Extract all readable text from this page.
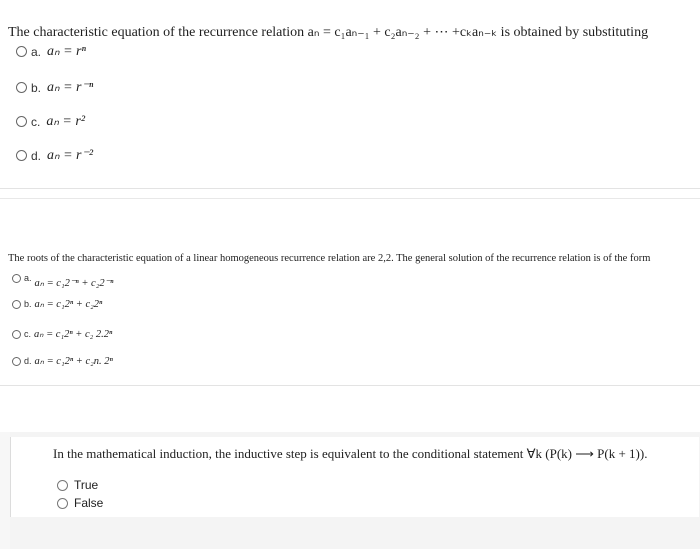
The characteristic equation of the recurrence relation aₙ = c₁aₙ₋₁ + c₂aₙ₋₂ + ⋯ +cₖaₙ₋ₖ is obtained by substituting
a. aₙ = rⁿ
b. aₙ = r⁻ⁿ
c. aₙ = r²
d. aₙ = r⁻²
The roots of the characteristic equation of a linear homogeneous recurrence relation are 2,2. The general solution of the recurrence relation is of the form
a. aₙ = c₁2⁻ⁿ + c₂2⁻ⁿ
b. aₙ = c₁2ⁿ + c₂2ⁿ
c. aₙ = c₁2ⁿ + c₂ 2.2ⁿ
d. aₙ = c₁2ⁿ + c₂n. 2ⁿ
In the mathematical induction, the inductive step is equivalent to the conditional statement ∀k (P(k) ⟶ P(k + 1)).
True
False
